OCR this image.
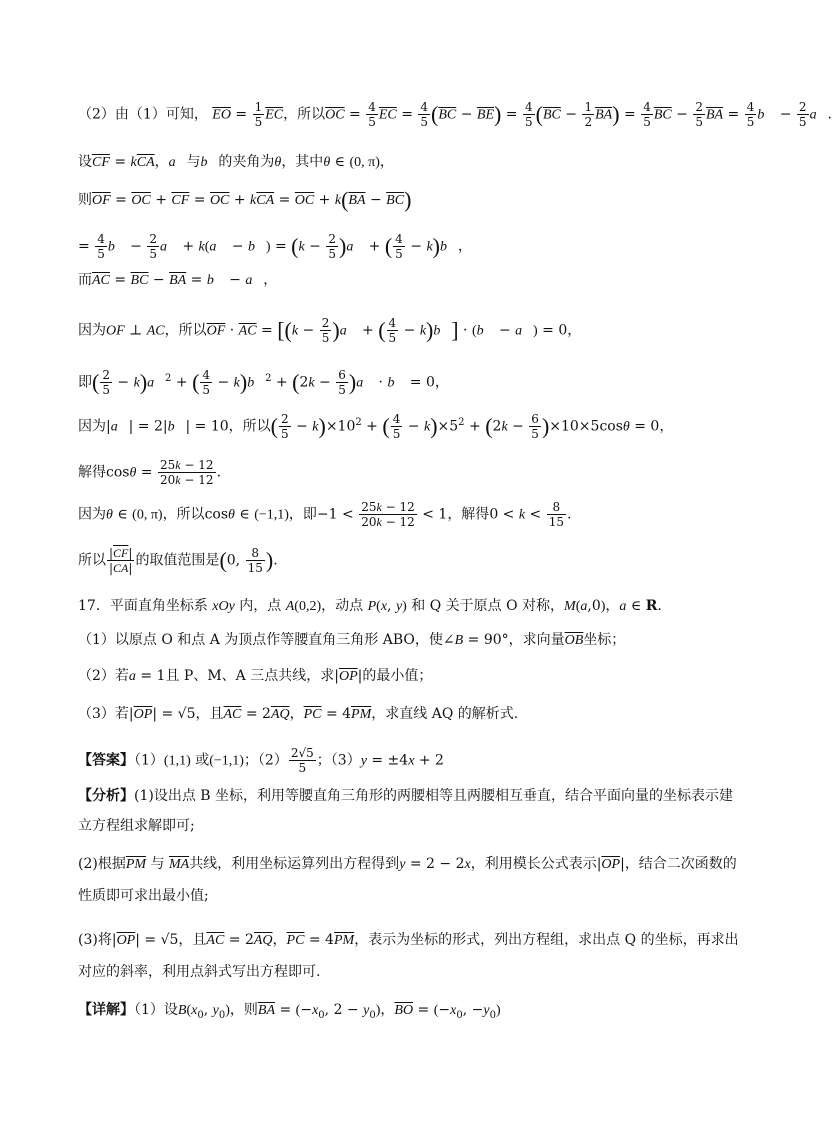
（2）由（1）可知， $\overline{EO} = \frac{1}{5} \overline{EC}$，所以$\overline{OC} = \frac{4}{5} \overline{EC} = \frac{4}{5} (\overline{BC} - \overline{BE}) = \frac{4}{5} (\overline{BC} - \frac{1}{2} \overline{BA}) = \frac{4}{5} \overline{BC} - \frac{2}{5} \overline{BA} = \frac{4}{5}$ b⃗ − $\frac{2}{5}$ a⃗.
设$\overline{CF} = k\overline{CA}$，a⃗与b⃗的夹角为θ，其中θ ∈ (0, π)，
则$\overline{OF} = \overline{OC} + \overline{CF} = \overline{OC} + k\overline{CA} = \overline{OC} + k(\overline{BA} - \overline{BC})$
= $\frac{4}{5}$ b⃗ − $\frac{2}{5}$ a⃗ + k(a⃗ − b⃗) = ($k - \frac{2}{5}$ )a⃗ + ( $\frac{4}{5}$ − k)b⃗，
而$\overline{AC} = \overline{BC} - \overline{BA}$ = b⃗ − a⃗，
因为OF ⊥ AC，所以$\overline{OF} \cdot \overline{AC} = [(k - \frac{2}{5}$ )a⃗ + ( $\frac{4}{5}$ − k)b⃗] · (b⃗ − a⃗) = 0，
即( $\frac{2}{5}$ − k)a⃗$^2$ + ( $\frac{4}{5}$ − k)b⃗$^2$ + ($2k - \frac{6}{5}$ )a⃗ · b⃗ = 0，
因为|a⃗| = 2|b⃗| = 10，所以( $\frac{2}{5} - k)\times 10^2$ + ( $\frac{4}{5} - k)\times 5^2 + (2k - \frac{6}{5} )\times 10\times 5\cos\theta = 0$，
解得$\cos\theta = \frac{25k - 12}{20k - 12}$ .
因为θ ∈ (0, π)，所以cosθ ∈ (−1,1)，即$-1 < \frac{25k - 12}{20k - 12} < 1$，解得$0 < k < \frac{8}{15}$ .
所以 $\frac{|\overline{CF}|}{|\overline{CA}|}$ 的取值范围是(0, $\frac{8}{15}$ ).
17．平面直角坐标系 xOy 内，点 A(0,2)，动点 P(x, y) 和 Q 关于原点 O 对称，M(a,0)，a ∈ R.
（1）以原点 O 和点 A 为顶点作等腰直角三角形 ABO，使∠B = 90°，求向量$\overline{OB}$坐标；
（2）若a = 1且 P、M、A 三点共线，求$|\overline{OP}|$的最小值；
（3）若$|\overline{OP}| = √5$，且$\overline{AC} = 2\overline{AQ}$，$\overline{PC} = 4\overline{PM}$，求直线 AQ 的解析式.
【答案】（1）(1,1) 或(−1,1)；$(2) \frac{2√5}{5}$ ；（3）y = ±4x + 2
【分析】(1)设出点 B 坐标，利用等腰直角三角形的两腰相等且两腰相互垂直，结合平面向量的坐标表示建
立方程组求解即可;
(2)根据$\overline{PM}$ 与 $\overline{MA}$共线，利用坐标运算列出方程得到y = 2 − 2x，利用模长公式表示$|\overline{OP}|$，结合二次函数的
性质即可求出最小值;
(3)将$|\overline{OP}| = √5$，且$\overline{AC} = 2\overline{AQ}$，$\overline{PC} = 4\overline{PM}$，表示为坐标的形式，列出方程组，求出点 Q 的坐标，再求出
对应的斜率，利用点斜式写出方程即可.
【详解】（1）设$B(x_0$, $y_0$)，则$\overline{BA} = (-x_0$, $2 - y_0$)，$\overline{BO} = (-x_0$, $-y_0$)
